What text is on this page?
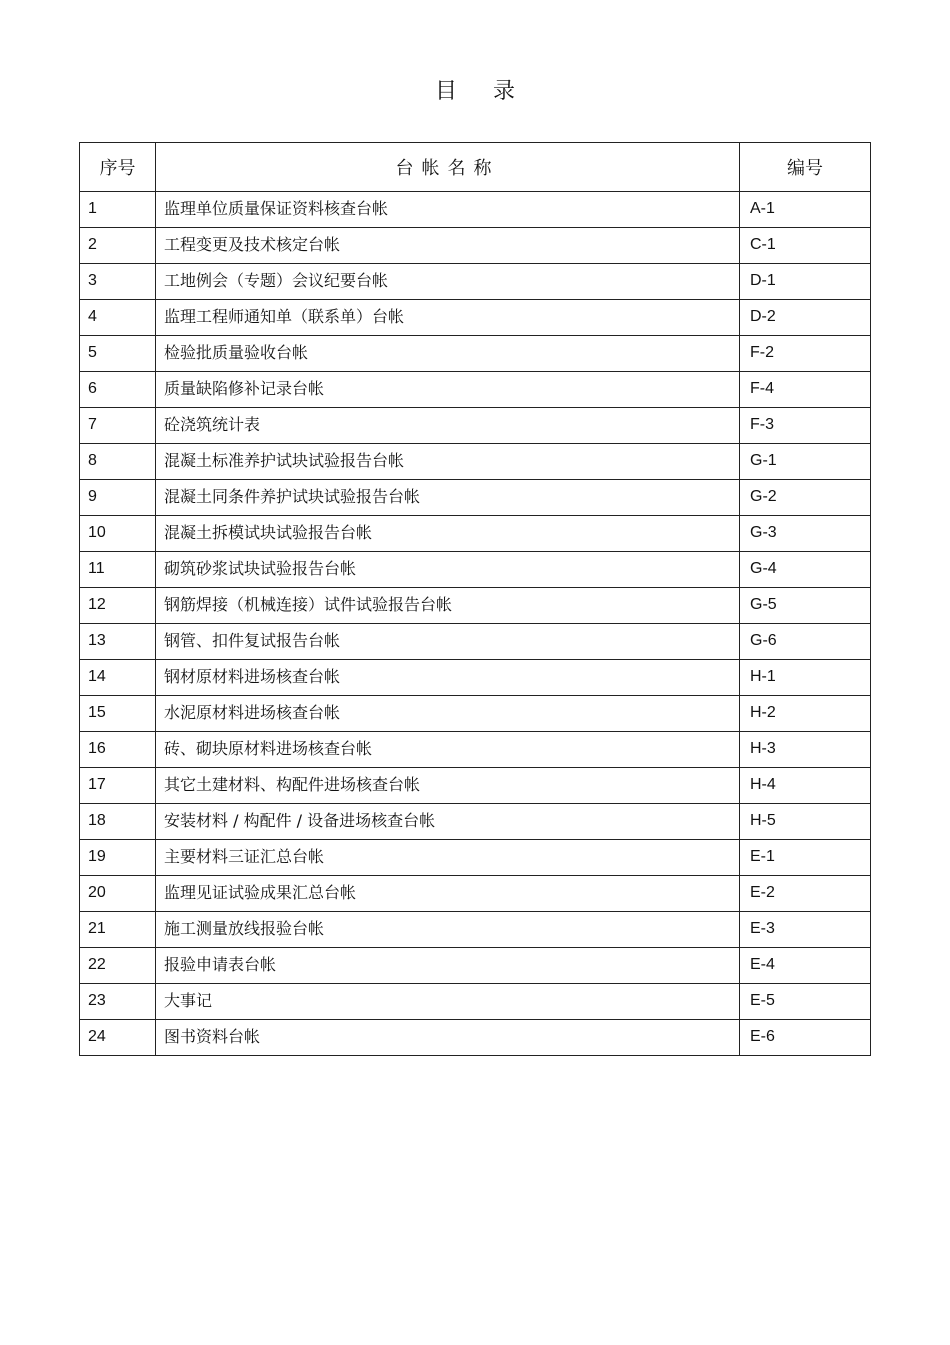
目 录
序号	台帐名称	编号
1	监理单位质量保证资料核查台帐	A-1
2	工程变更及技术核定台帐	C-1
3	工地例会（专题）会议纪要台帐	D-1
4	监理工程师通知单（联系单）台帐	D-2
5	检验批质量验收台帐	F-2
6	质量缺陷修补记录台帐	F-4
7	砼浇筑统计表	F-3
8	混凝土标准养护试块试验报告台帐	G-1
9	混凝土同条件养护试块试验报告台帐	G-2
10	混凝土拆模试块试验报告台帐	G-3
11	砌筑砂浆试块试验报告台帐	G-4
12	钢筋焊接（机械连接）试件试验报告台帐	G-5
13	钢管、扣件复试报告台帐	G-6
14	钢材原材料进场核查台帐	H-1
15	水泥原材料进场核查台帐	H-2
16	砖、砌块原材料进场核查台帐	H-3
17	其它土建材料、构配件进场核查台帐	H-4
18	安装材料 / 构配件 / 设备进场核查台帐	H-5
19	主要材料三证汇总台帐	E-1
20	监理见证试验成果汇总台帐	E-2
21	施工测量放线报验台帐	E-3
22	报验申请表台帐	E-4
23	大事记	E-5
24	图书资料台帐	E-6
